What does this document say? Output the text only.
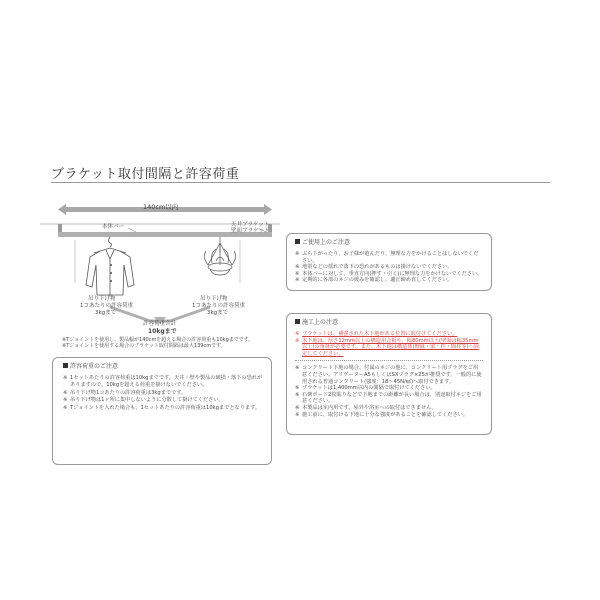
ブラケット取付間隔と許容荷重
140cm以内
本体バー	天井ブラケット
壁面ブラケット
吊り下げ物
1コあたりの許容荷重
3kgまで
吊り下げ物
1コあたりの許容荷重
3kgまで
許容荷重合計
10kgまで
※Tジョイントを使用し、製品幅が140cmを超える場合の許容荷重も10kgまでです。
※Tジョイントを使用する場合のブラケット取付間隔は最大139cmです。
許容荷重のご注意
※ 1セットあたりの許容荷重は10kgまでです。天井・壁や製品の破損・落下の恐れがありますので、10kgを超える荷重を掛けないでください。
※ 吊り下げ物1コあたりの許容荷重は3kgまでです。
※ 吊り下げ物は1ヶ所に集中しないように分散して掛けてください。
※ Tジョイントを入れた場合も、1セットあたりの許容荷重は10kgまでとなります。
ご使用上のご注意
※ ぶら下がったり、お子様が遊んだり、無理な力をかけることはしないでください。
※ 地震などの揺れで落下の恐れがあるものは掛けないでください。
※ 本体バーに対して、垂直方向(押す・引く)に無理な力をかけないでください。
※ 定期的に各部のネジの緩みを確認し、適正締め直してください。
施工上の注意
※ ブラケットは、補強された木下地がある位置に取付けてください。
※ 木下地は、厚さ12mm以上の構造用合板や、幅80mm以上(壁面は幅35mm以上)の角材が必要です。また、木下地は構造体(野縁・梁・柱・間柱等)へ固定してください。
※ コンクリート下地の場合、付属のネジの他に、コンクリート用プラグをご用意ください。アリゲーターA5もしくはSXプラグ×25が推奨です。一般的に使用される普通コンクリート(強度：18〜45N/㎟)へ取付できます。
※ ブラケットは1,400mm以内の間隔で取付けてください。
※ 石膏ボード2枚貼りなどで下地までの距離が長い場合は、別途取付ネジをご用意ください。
※ 本製品は室内用です。屋外や浴室への取付はできません。
※ 施工前に、取付ける下地に十分な強度があることを確認してください。
